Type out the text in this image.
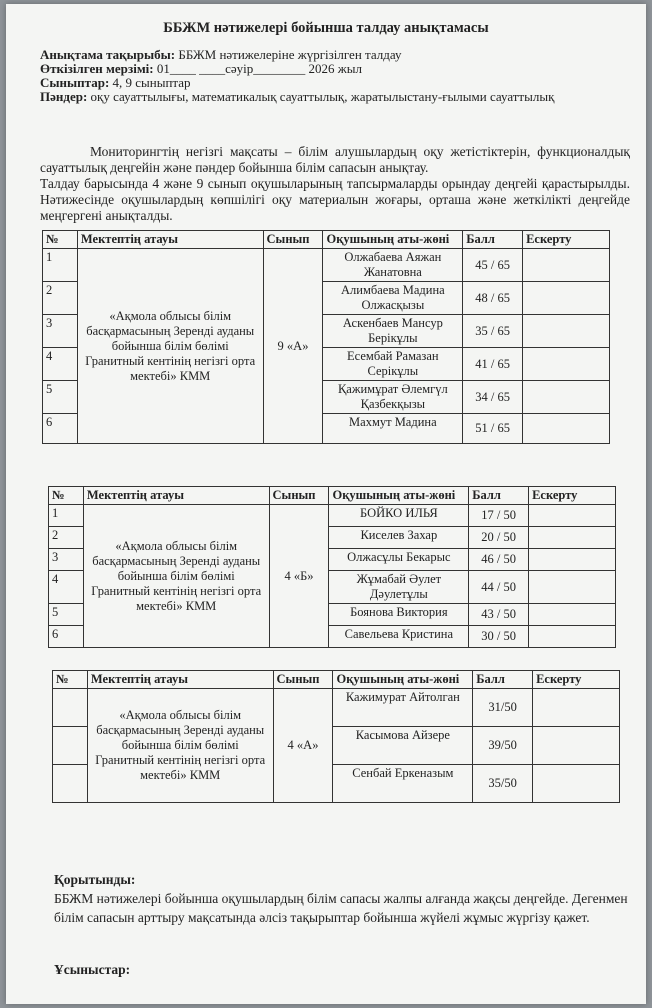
ББЖМ нәтижелері бойынша талдау анықтамасы
Анықтама тақырыбы: ББЖМ нәтижелеріне жүргізілген талдау
Өткізілген мерзімі: 01____ ____сәуір________ 2026 жыл
Сыныптар: 4, 9 сыныптар
Пәндер: оқу сауаттылығы, математикалық сауаттылық, жаратылыстану-ғылыми сауаттылық
Мониторингтің негізгі мақсаты – білім алушылардың оқу жетістіктерін, функционалдық сауаттылық деңгейін және пәндер бойынша білім сапасын анықтау.
Талдау барысында 4 және 9 сынып оқушыларының тапсырмаларды орындау деңгейі қарастырылды. Нәтижесінде оқушылардың көпшілігі оқу материалын жоғары, орташа және жеткілікті деңгейде меңгергені анықталды.
№	Мектептің атауы	Сынып	Оқушының аты-жөні	Балл	Ескерту
1	«Ақмола облысы білім басқармасының Зеренді ауданы бойынша білім бөлімі Гранитный кентінің негізгі орта мектебі» КММ	9 «А»	Олжабаева Аяжан Жанатовна	45 / 65	
2			Алимбаева Мадина Олжасқызы	48 / 65	
3			Аскенбаев Мансур Берікұлы	35 / 65	
4			Есембай Рамазан Серікұлы	41 / 65	
5			Қажимұрат Әлемгүл Қазбекқызы	34 / 65	
6			Махмут Мадина	51 / 65	
№	Мектептің атауы	Сынып	Оқушының аты-жөні	Балл	Ескерту
1	«Ақмола облысы білім басқармасының Зеренді ауданы бойынша білім бөлімі Гранитный кентінің негізгі орта мектебі» КММ	4 «Б»	БОЙКО ИЛЬЯ	17 / 50	
2			Киселев Захар	20 / 50	
3			Олжасұлы Бекарыс	46 / 50	
4			Жұмабай Әулет Дәулетұлы	44 / 50	
5			Боянова Виктория	43 / 50	
6			Савельева Кристина	30 / 50	
№	Мектептің атауы	Сынып	Оқушының аты-жөні	Балл	Ескерту
	«Ақмола облысы білім басқармасының Зеренді ауданы бойынша білім бөлімі Гранитный кентінің негізгі орта мектебі» КММ	4 «А»	Кажимурат Айтолган	31/50	
			Касымова Айзере	39/50	
			Сенбай Еркеназым	35/50	
Қорытынды:
ББЖМ нәтижелері бойынша оқушылардың білім сапасы жалпы алғанда жақсы деңгейде. Дегенмен білім сапасын арттыру мақсатында әлсіз тақырыптар бойынша жүйелі жұмыс жүргізу қажет.
Ұсыныстар:
